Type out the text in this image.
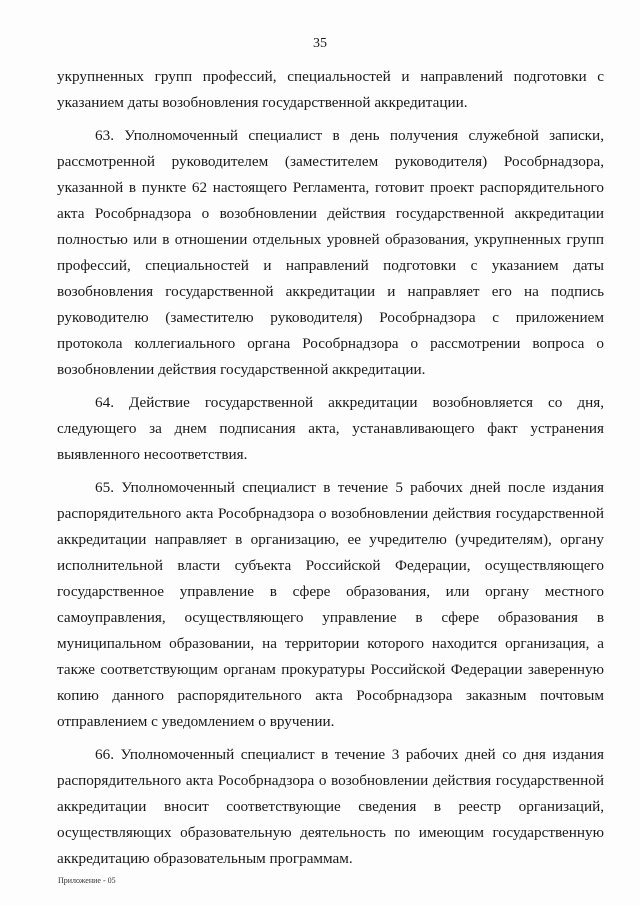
35

укрупненных групп профессий, специальностей и направлений подготовки с указанием даты возобновления государственной аккредитации.

63. Уполномоченный специалист в день получения служебной записки, рассмотренной руководителем (заместителем руководителя) Рособрнадзора, указанной в пункте 62 настоящего Регламента, готовит проект распорядительного акта Рособрнадзора о возобновлении действия государственной аккредитации полностью или в отношении отдельных уровней образования, укрупненных групп профессий, специальностей и направлений подготовки с указанием даты возобновления государственной аккредитации и направляет его на подпись руководителю (заместителю руководителя) Рособрнадзора с приложением протокола коллегиального органа Рособрнадзора о рассмотрении вопроса о возобновлении действия государственной аккредитации.

64. Действие государственной аккредитации возобновляется со дня, следующего за днем подписания акта, устанавливающего факт устранения выявленного несоответствия.

65. Уполномоченный специалист в течение 5 рабочих дней после издания распорядительного акта Рособрнадзора о возобновлении действия государственной аккредитации направляет в организацию, ее учредителю (учредителям), органу исполнительной власти субъекта Российской Федерации, осуществляющего государственное управление в сфере образования, или органу местного самоуправления, осуществляющего управление в сфере образования в муниципальном образовании, на территории которого находится организация, а также соответствующим органам прокуратуры Российской Федерации заверенную копию данного распорядительного акта Рособрнадзора заказным почтовым отправлением с уведомлением о вручении.

66. Уполномоченный специалист в течение 3 рабочих дней со дня издания распорядительного акта Рособрнадзора о возобновлении действия государственной аккредитации вносит соответствующие сведения в реестр организаций, осуществляющих образовательную деятельность по имеющим государственную аккредитацию образовательным программам.

Приложение - 05
